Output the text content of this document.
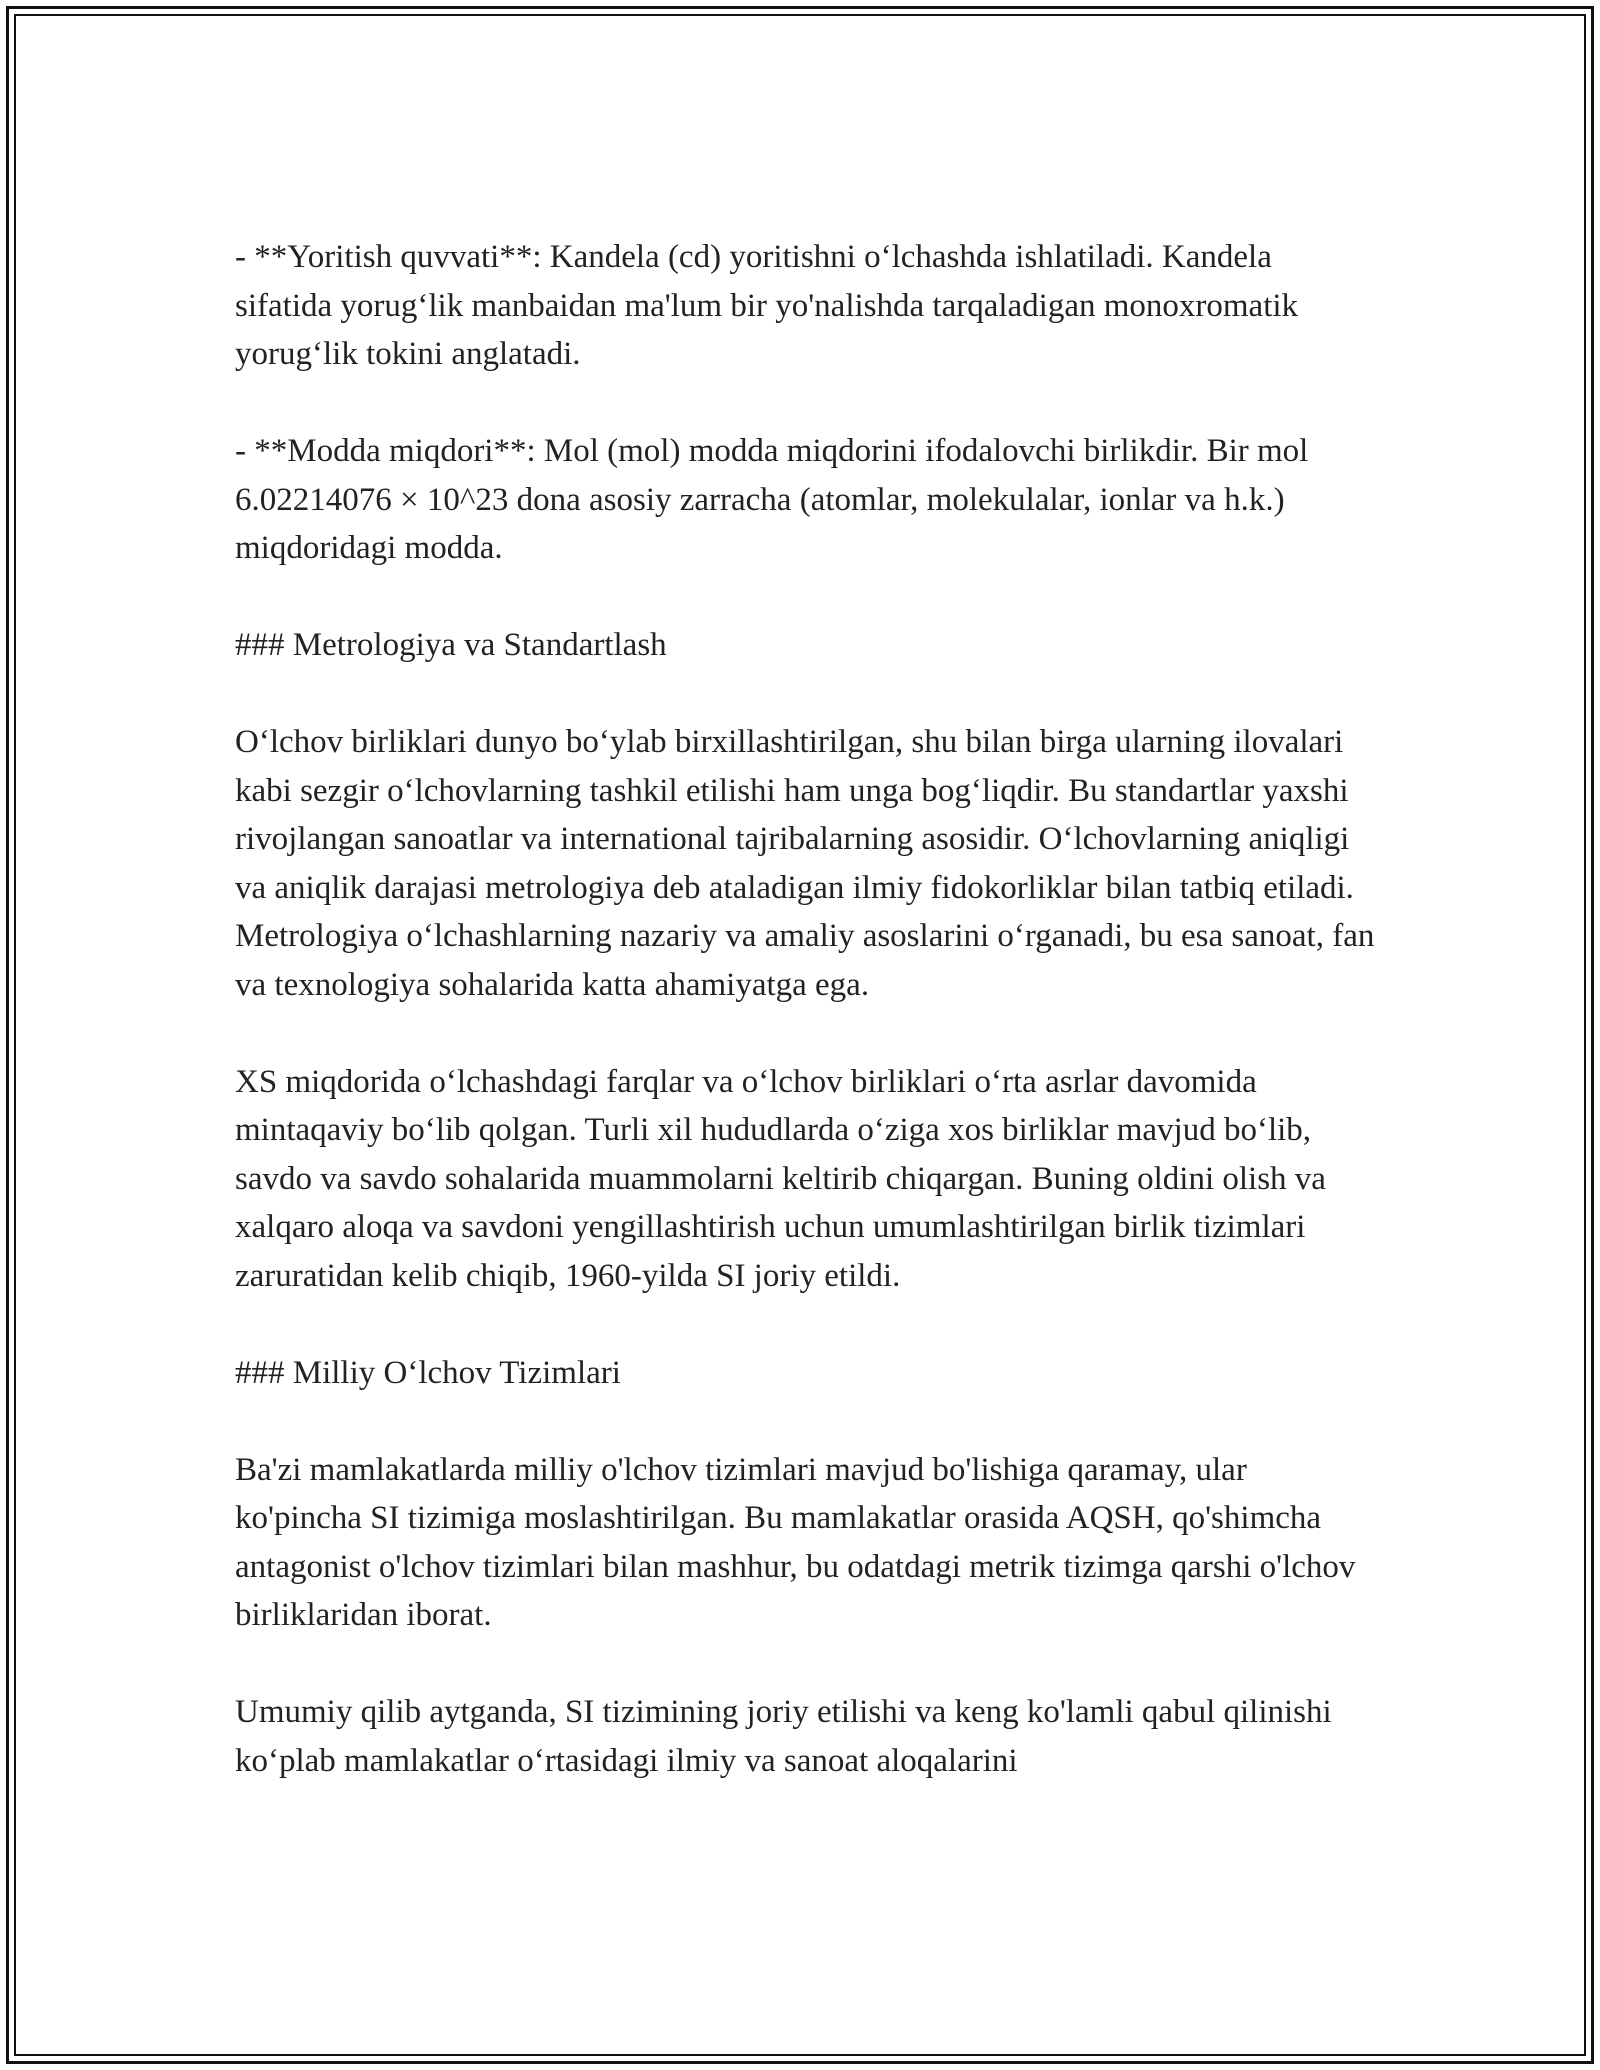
- **Yoritish quvvati**: Kandela (cd) yoritishni oʻlchashda ishlatiladi. Kandela sifatida yorugʻlik manbaidan ma'lum bir yo'nalishda tarqaladigan monoxromatik yorugʻlik tokini anglatadi.

- **Modda miqdori**: Mol (mol) modda miqdorini ifodalovchi birlikdir. Bir mol 6.02214076 × 10^23 dona asosiy zarracha (atomlar, molekulalar, ionlar va h.k.) miqdoridagi modda.

### Metrologiya va Standartlash

Oʻlchov birliklari dunyo boʻylab birxillashtirilgan, shu bilan birga ularning ilovalari kabi sezgir oʻlchovlarning tashkil etilishi ham unga bogʻliqdir. Bu standartlar yaxshi rivojlangan sanoatlar va international tajribalarning asosidir. Oʻlchovlarning aniqligi va aniqlik darajasi metrologiya deb ataladigan ilmiy fidokorliklar bilan tatbiq etiladi. Metrologiya oʻlchashlarning nazariy va amaliy asoslarini oʻrganadi, bu esa sanoat, fan va texnologiya sohalarida katta ahamiyatga ega.

XS miqdorida oʻlchashdagi farqlar va oʻlchov birliklari oʻrta asrlar davomida mintaqaviy boʻlib qolgan. Turli xil hududlarda oʻziga xos birliklar mavjud boʻlib, savdo va savdo sohalarida muammolarni keltirib chiqargan. Buning oldini olish va xalqaro aloqa va savdoni yengillashtirish uchun umumlashtirilgan birlik tizimlari zaruratidan kelib chiqib, 1960-yilda SI joriy etildi.

### Milliy Oʻlchov Tizimlari

Ba'zi mamlakatlarda milliy o'lchov tizimlari mavjud bo'lishiga qaramay, ular ko'pincha SI tizimiga moslashtirilgan. Bu mamlakatlar orasida AQSH, qo'shimcha antagonist o'lchov tizimlari bilan mashhur, bu odatdagi metrik tizimga qarshi o'lchov birliklaridan iborat.

Umumiy qilib aytganda, SI tizimining joriy etilishi va keng ko'lamli qabul qilinishi koʻplab mamlakatlar oʻrtasidagi ilmiy va sanoat aloqalarini
